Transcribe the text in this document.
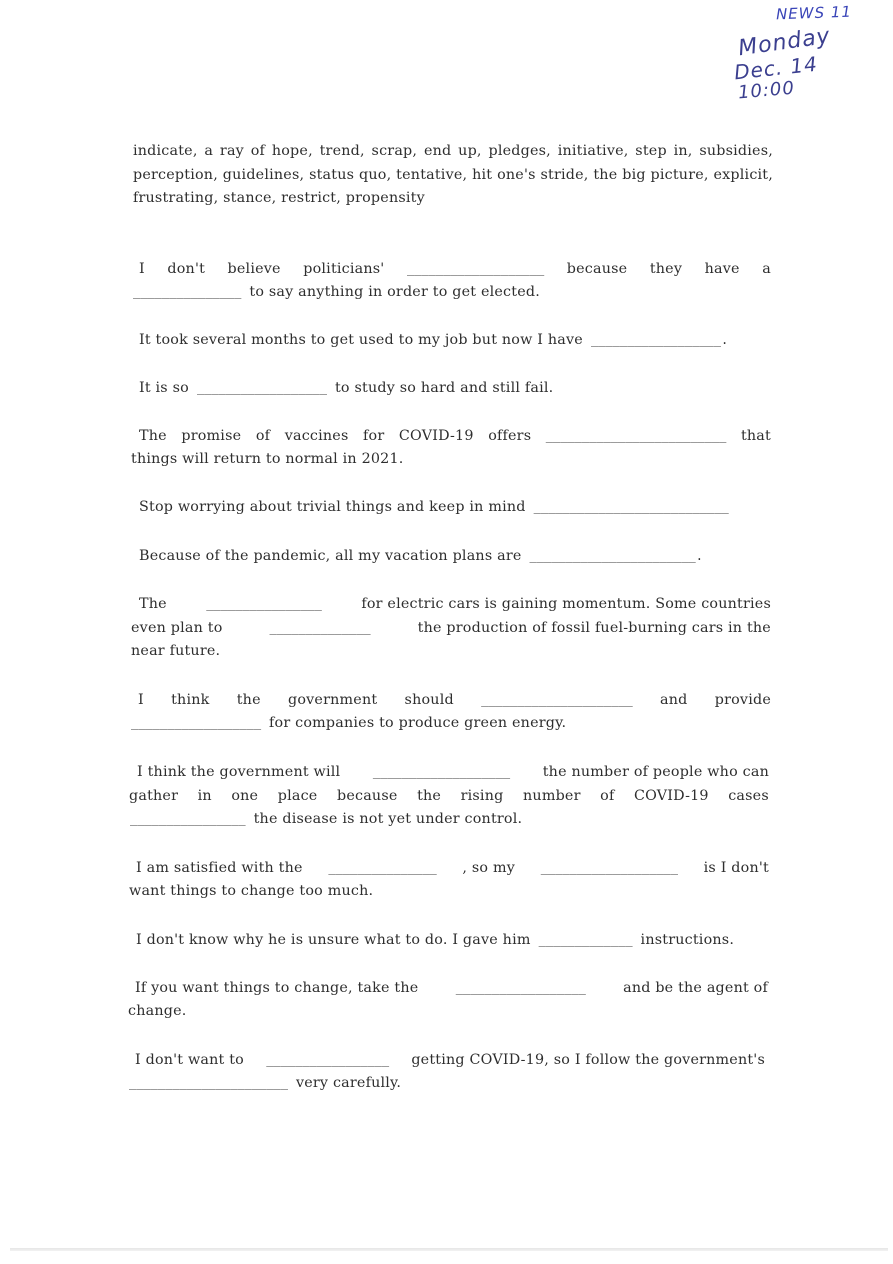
NEWS 11
Monday
Dec. 14
10:00
indicate, a ray of hope, trend, scrap, end up, pledges, initiative, step in, subsidies, perception, guidelines, status quo, tentative, hit one's stride, the big picture, explicit, frustrating, stance, restrict, propensity
I don't believe politicians' ___________________ because they have a
_______________ to say anything in order to get elected.
It took several months to get used to my job but now I have __________________.
It is so __________________ to study so hard and still fail.
The promise of vaccines for COVID-19 offers _________________________ that
things will return to normal in 2021.
Stop worrying about trivial things and keep in mind ___________________________
Because of the pandemic, all my vacation plans are _______________________.
The	________________	for electric cars is gaining momentum. Some countries
even plan to	______________	the production of fossil fuel-burning cars in the
near future.
I think the government should _____________________ and provide
__________________ for companies to produce green energy.
I think the government will	___________________ the number of people who can
gather in one place because the rising number of COVID-19 cases
________________ the disease is not yet under control.
I am satisfied with the _______________ , so my ___________________ is I don't
want things to change too much.
I don't know why he is unsure what to do. I gave him _____________ instructions.
If you want things to change, take the	__________________	and be the agent of
change.
I don't want to _________________ getting COVID-19, so I follow the government's
______________________ very carefully.
